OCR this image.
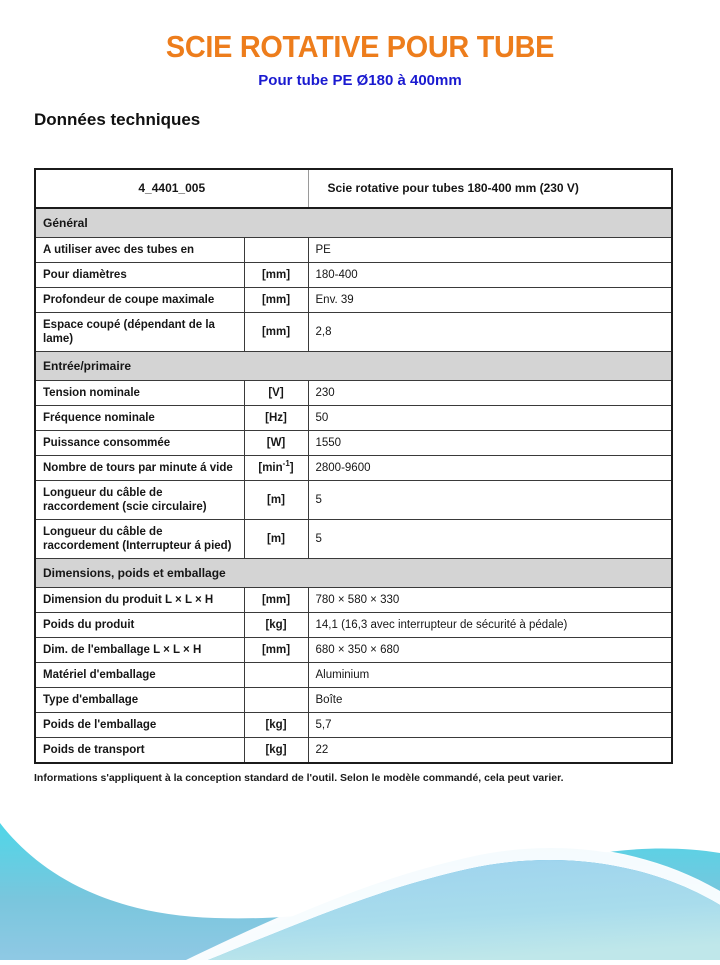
SCIE ROTATIVE POUR TUBE
Pour tube PE Ø180 à 400mm
Données techniques
4_4401_005		Scie rotative pour tubes 180-400 mm (230 V)
Général		
A utiliser avec des tubes en		PE
Pour diamètres	[mm]	180-400
Profondeur de coupe maximale	[mm]	Env. 39
Espace coupé (dépendant de la lame)	[mm]	2,8
Entrée/primaire		
Tension nominale	[V]	230
Fréquence nominale	[Hz]	50
Puissance consommée	[W]	1550
Nombre de tours par minute á vide	$[\min^{-1}]$	2800-9600
Longueur du câble de raccordement (scie circulaire)	[m]	5
Longueur du câble de raccordement (Interrupteur á pied)	[m]	5
Dimensions, poids et emballage		
Dimension du produit L × L × H	[mm]	780 × 580 × 330
Poids du produit	[kg]	14,1 (16,3 avec interrupteur de sécurité à pédale)
Dim. de l'emballage L × L × H	[mm]	680 × 350 × 680
Matériel d'emballage		Aluminium
Type d'emballage		Boîte
Poids de l'emballage	[kg]	5,7
Poids de transport	[kg]	22
Informations s'appliquent à la conception standard de l'outil. Selon le modèle commandé, cela peut varier.
